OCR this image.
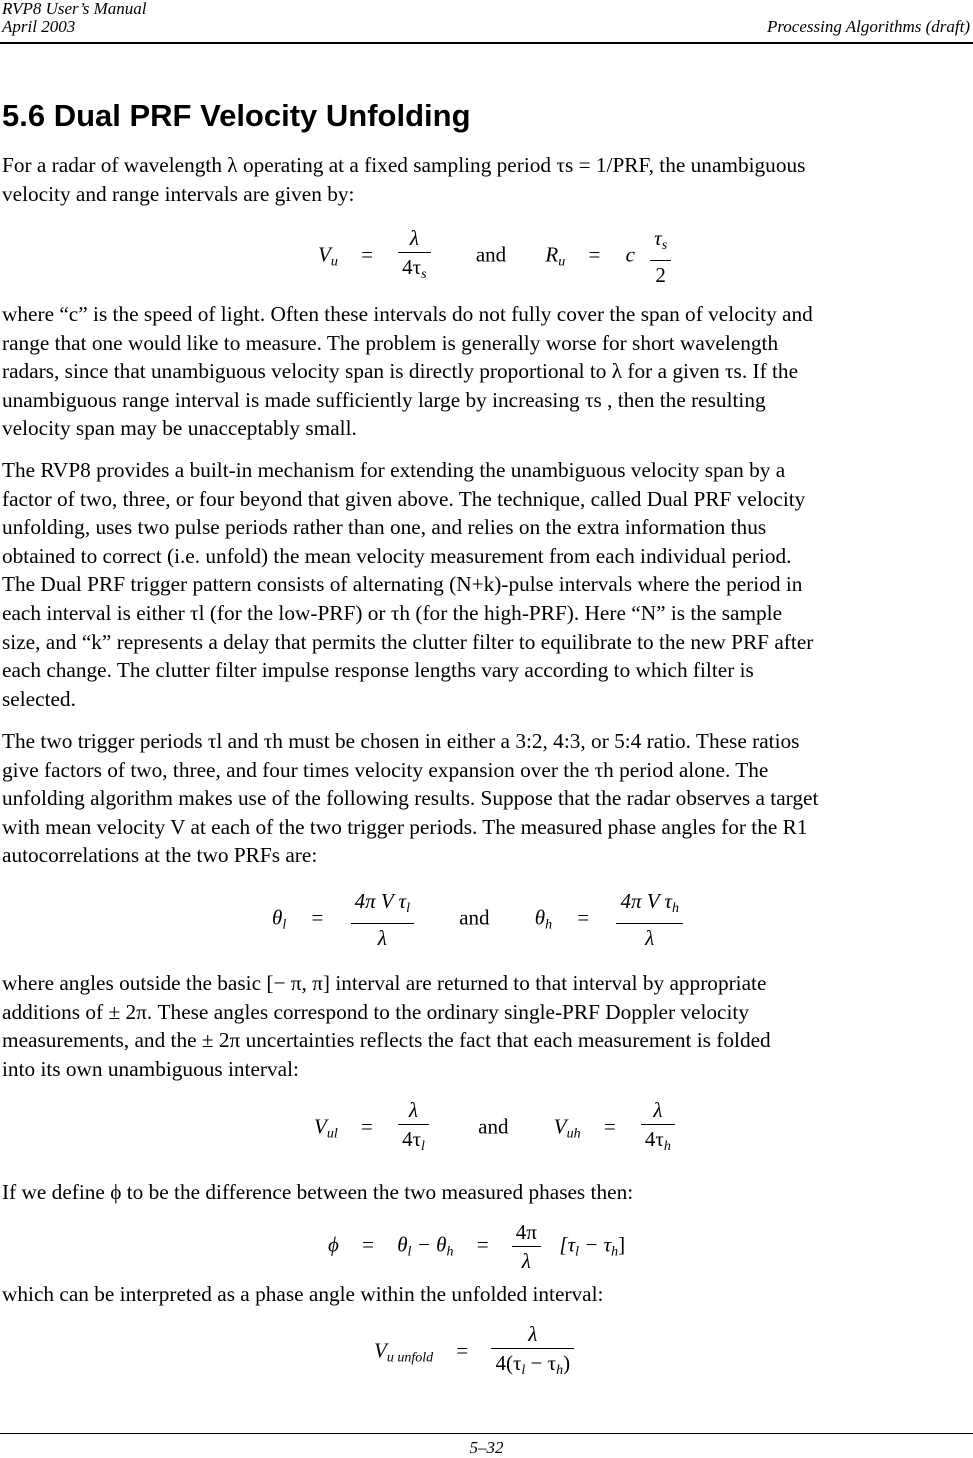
RVP8 User’s Manual
April 2003	Processing Algorithms (draft)
5.6 Dual PRF Velocity Unfolding

For a radar of wavelength λ operating at a fixed sampling period τs = 1/PRF, the unambiguous
velocity and range intervals are given by:

$V_u = \frac{\lambda}{4\tau_s}$ and $R_u = c \frac{\tau_s}{2}$

where “c” is the speed of light. Often these intervals do not fully cover the span of velocity and
range that one would like to measure. The problem is generally worse for short wavelength
radars, since that unambiguous velocity span is directly proportional to λ for a given τs. If the
unambiguous range interval is made sufficiently large by increasing τs , then the resulting
velocity span may be unacceptably small.

The RVP8 provides a built-in mechanism for extending the unambiguous velocity span by a
factor of two, three, or four beyond that given above. The technique, called Dual PRF velocity
unfolding, uses two pulse periods rather than one, and relies on the extra information thus
obtained to correct (i.e. unfold) the mean velocity measurement from each individual period.
The Dual PRF trigger pattern consists of alternating (N+k)-pulse intervals where the period in
each interval is either τl (for the low-PRF) or τh (for the high-PRF). Here “N” is the sample
size, and “k” represents a delay that permits the clutter filter to equilibrate to the new PRF after
each change. The clutter filter impulse response lengths vary according to which filter is
selected.

The two trigger periods τl and τh must be chosen in either a 3:2, 4:3, or 5:4 ratio. These ratios
give factors of two, three, and four times velocity expansion over the τh period alone. The
unfolding algorithm makes use of the following results. Suppose that the radar observes a target
with mean velocity V at each of the two trigger periods. The measured phase angles for the R1
autocorrelations at the two PRFs are:

$\theta_l = \frac{4\pi V \tau_l}{\lambda}$ and $\theta_h = \frac{4\pi V \tau_h}{\lambda}$

where angles outside the basic [− π, π] interval are returned to that interval by appropriate
additions of ± 2π. These angles correspond to the ordinary single-PRF Doppler velocity
measurements, and the ± 2π uncertainties reflects the fact that each measurement is folded
into its own unambiguous interval:

$V_{ul} = \frac{\lambda}{4\tau_l}$ and $V_{uh} = \frac{\lambda}{4\tau_h}$

If we define ϕ to be the difference between the two measured phases then:

$\phi = \theta_l - \theta_h = \frac{4\pi}{\lambda} [\tau_l - \tau_h]$

which can be interpreted as a phase angle within the unfolded interval:

$V_{u unfold} = \frac{\lambda}{4(\tau_l - \tau_h)}$
5–32
